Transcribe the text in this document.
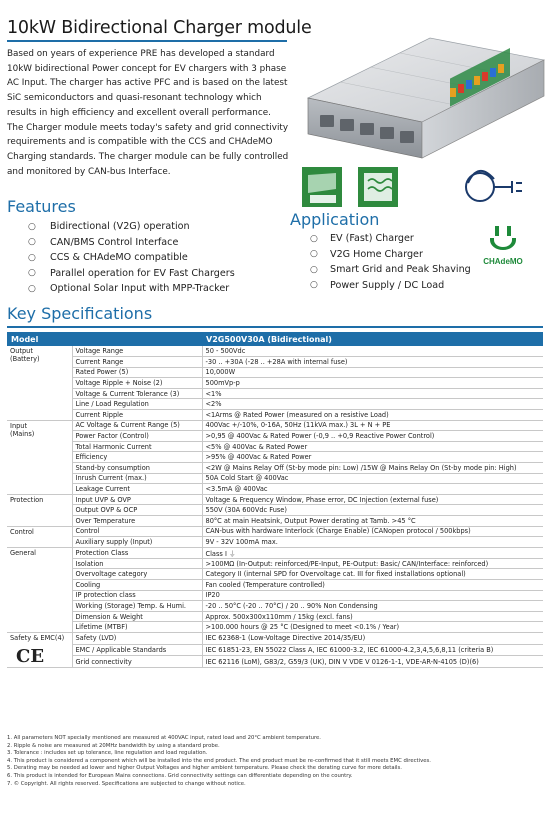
10kW Bidirectional Charger module
Based on years of experience PRE has developed a standard 10kW bidirectional Power concept for EV chargers with 3 phase AC Input. The charger has active PFC and is based on the latest SiC semiconductors and quasi-resonant technology which results in high efficiency and excellent overall performance. The Charger module meets today's safety and grid connectivity requirements and is compatible with the CCS and CHAdeMO Charging standards. The charger module can be fully controlled and monitored by CAN-bus Interface.
Features
○	Bidirectional (V2G) operation
○	CAN/BMS Control Interface
○	CCS & CHAdeMO compatible
○	Parallel operation for EV Fast Chargers
○	Optional Solar Input with MPP-Tracker
Application
○	EV (Fast) Charger
○	V2G Home Charger
○	Smart Grid and Peak Shaving
○	Power Supply / DC Load
CHAdeMO
Key Specifications
Model		V2G500V30A (Bidirectional)

Output
(Battery)	Voltage Range	50 - 500Vdc
	Current Range	-30 .. +30A (-28 .. +28A with internal fuse)
	Rated Power (5)	10,000W
	Voltage Ripple + Noise (2)	500mVp-p
	Voltage & Current Tolerance (3)	<1%
	Line / Load Regulation	<2%
	Current Ripple	<1Arms @ Rated Power (measured on a resistive Load)

Input
(Mains)	AC Voltage & Current Range (5)	400Vac +/-10%, 0-16A, 50Hz (11kVA max.) 3L + N + PE
	Power Factor (Control)	>0,95 @ 400Vac & Rated Power (-0,9 .. +0,9 Reactive Power Control)
	Total Harmonic Current	<5% @ 400Vac & Rated Power
	Efficiency	>95% @ 400Vac & Rated Power
	Stand-by consumption	<2W @ Mains Relay Off (St-by mode pin: Low) /15W @ Mains Relay On (St-by mode pin: High)
	Inrush Current (max.)	50A Cold Start @ 400Vac
	Leakage Current	<3.5mA @ 400Vac

Protection	Input UVP & OVP	Voltage & Frequency Window, Phase error, DC Injection (external fuse)
	Output OVP & OCP	550V (30A 600Vdc Fuse)
	Over Temperature	80°C at main Heatsink, Output Power derating at Tamb. >45 °C

Control	Control	CAN-bus with hardware Interlock (Charge Enable) (CANopen protocol / 500kbps)
	Auxiliary supply (Input)	9V - 32V 100mA max.

General	Protection Class	Class I ⏚
	Isolation	>100MΩ (In-Output: reinforced/PE-Input, PE-Output: Basic/ CAN/Interface: reinforced)
	Overvoltage category	Category II (internal SPD for Overvoltage cat. III for fixed installations optional)
	Cooling	Fan cooled (Temperature controlled)
	IP protection class	IP20
	Working (Storage) Temp. & Humi.	-20 .. 50°C (-20 .. 70°C) / 20 .. 90% Non Condensing
	Dimension & Weight	Approx. 500x300x110mm / 15kg (excl. fans)
	Lifetime (MTBF)	>100.000 hours @ 25 °C (Designed to meet <0.1% / Year)

Safety & EMC(4)
CE	Safety (LVD)	IEC 62368-1 (Low-Voltage Directive 2014/35/EU)
	EMC / Applicable Standards	IEC 61851-23, EN 55022 Class A, IEC 61000-3.2, IEC 61000-4.2,3,4,5,6,8,11 (criteria B)
	Grid connectivity	IEC 62116 (LoM), G83/2, G59/3 (UK), DIN V VDE V 0126-1-1, VDE-AR-N-4105 (D)(6)
1. All parameters NOT specially mentioned are measured at 400VAC input, rated load and 20°C ambient temperature.
2. Ripple & noise are measured at 20MHz bandwidth by using a standard probe.
3. Tolerance : includes set up tolerance, line regulation and load regulation.
4. This product is considered a component which will be installed into the end product. The end product must be re-confirmed that it still meets EMC directives.
5. Derating may be needed ad lower and higher Output Voltages and higher ambient temperature. Please check the derating curve for more details.
6. This product is intended for European Mains connections. Grid connectivity settings can differentiate depending on the country.
7. © Copyright. All rights reserved. Specifications are subjected to change without notice.
